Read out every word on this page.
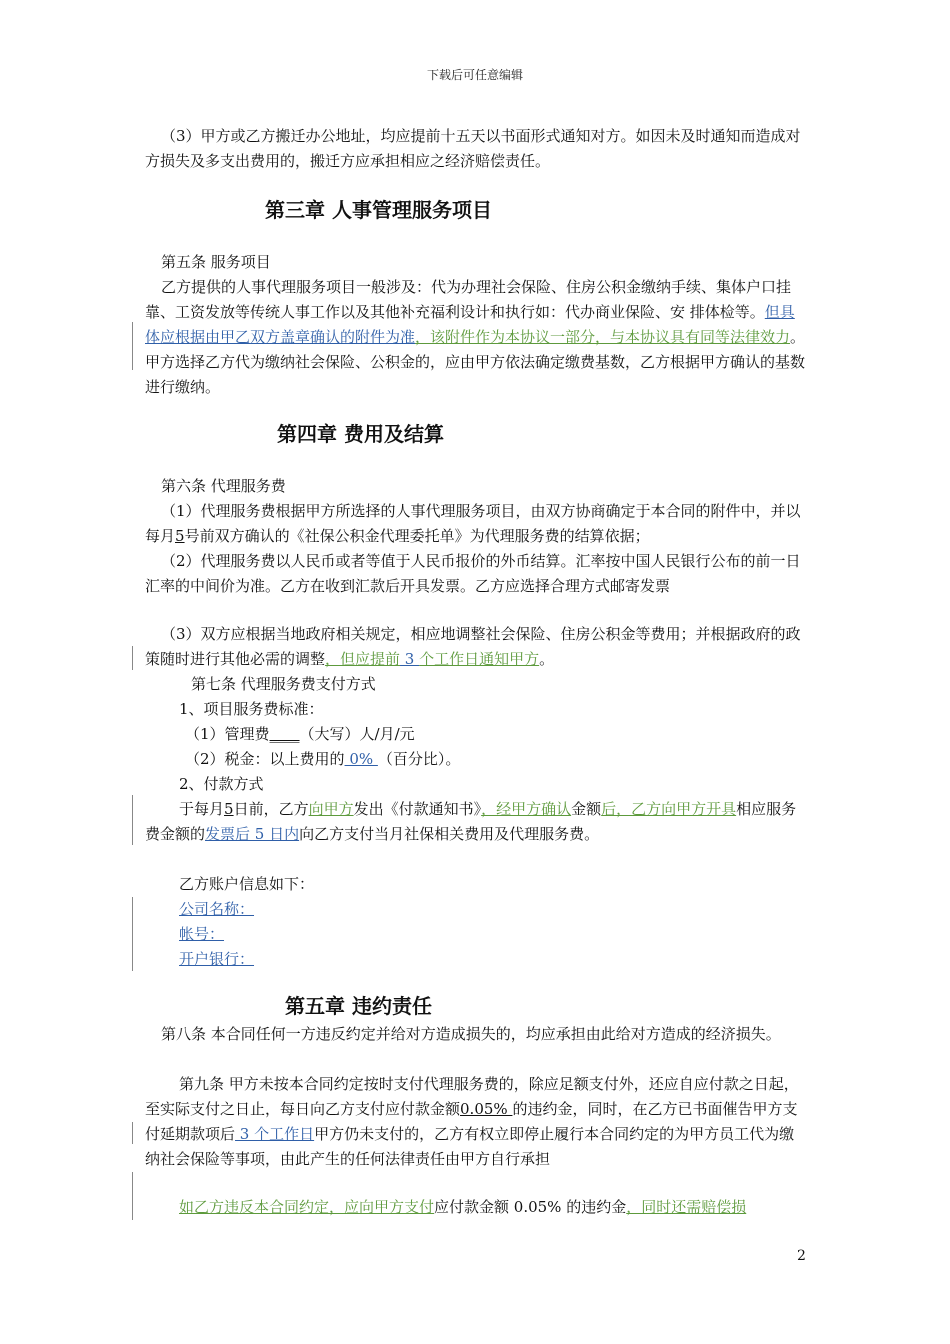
下载后可任意编辑

（3）甲方或乙方搬迁办公地址，均应提前十五天以书面形式通知对方。如因未及时通知而造成对方损失及多支出费用的，搬迁方应承担相应之经济赔偿责任。

第三章 人事管理服务项目

第五条 服务项目

乙方提供的人事代理服务项目一般涉及：代为办理社会保险、住房公积金缴纳手续、集体户口挂靠、工资发放等传统人事工作以及其他补充福利设计和执行如：代办商业保险、安 排体检等。但具体应根据由甲乙双方盖章确认的附件为准，该附件作为本协议一部分，与本协议具有同等法律效力。甲方选择乙方代为缴纳社会保险、公积金的，应由甲方依法确定缴费基数，乙方根据甲方确认的基数进行缴纳。

第四章 费用及结算

第六条 代理服务费

（1）代理服务费根据甲方所选择的人事代理服务项目，由双方协商确定于本合同的附件中，并以每月5号前双方确认的《社保公积金代理委托单》为代理服务费的结算依据；

（2）代理服务费以人民币或者等值于人民币报价的外币结算。汇率按中国人民银行公布的前一日汇率的中间价为准。乙方在收到汇款后开具发票。乙方应选择合理方式邮寄发票

（3）双方应根据当地政府相关规定，相应地调整社会保险、住房公积金等费用；并根据政府的政策随时进行其他必需的调整，但应提前 3 个工作日通知甲方。

第七条 代理服务费支付方式

1、项目服务费标准：

（1）管理费____（大写）人/月/元

（2）税金：以上费用的 0% （百分比）。

2、付款方式

于每月5日前，乙方向甲方发出《付款通知书》，经甲方确认金额后，乙方向甲方开具相应服务费金额的发票后 5 日内向乙方支付当月社保相关费用及代理服务费。

乙方账户信息如下：

公司名称：

帐号：

开户银行：

第五章 违约责任

第八条 本合同任何一方违反约定并给对方造成损失的，均应承担由此给对方造成的经济损失。

第九条 甲方未按本合同约定按时支付代理服务费的，除应足额支付外，还应自应付款之日起，至实际支付之日止，每日向乙方支付应付款金额0.05% 的违约金，同时，在乙方已书面催告甲方支付延期款项后 3 个工作日甲方仍未支付的，乙方有权立即停止履行本合同约定的为甲方员工代为缴纳社会保险等事项，由此产生的任何法律责任由甲方自行承担

如乙方违反本合同约定，应向甲方支付应付款金额 0.05% 的违约金，同时还需赔偿损

2
